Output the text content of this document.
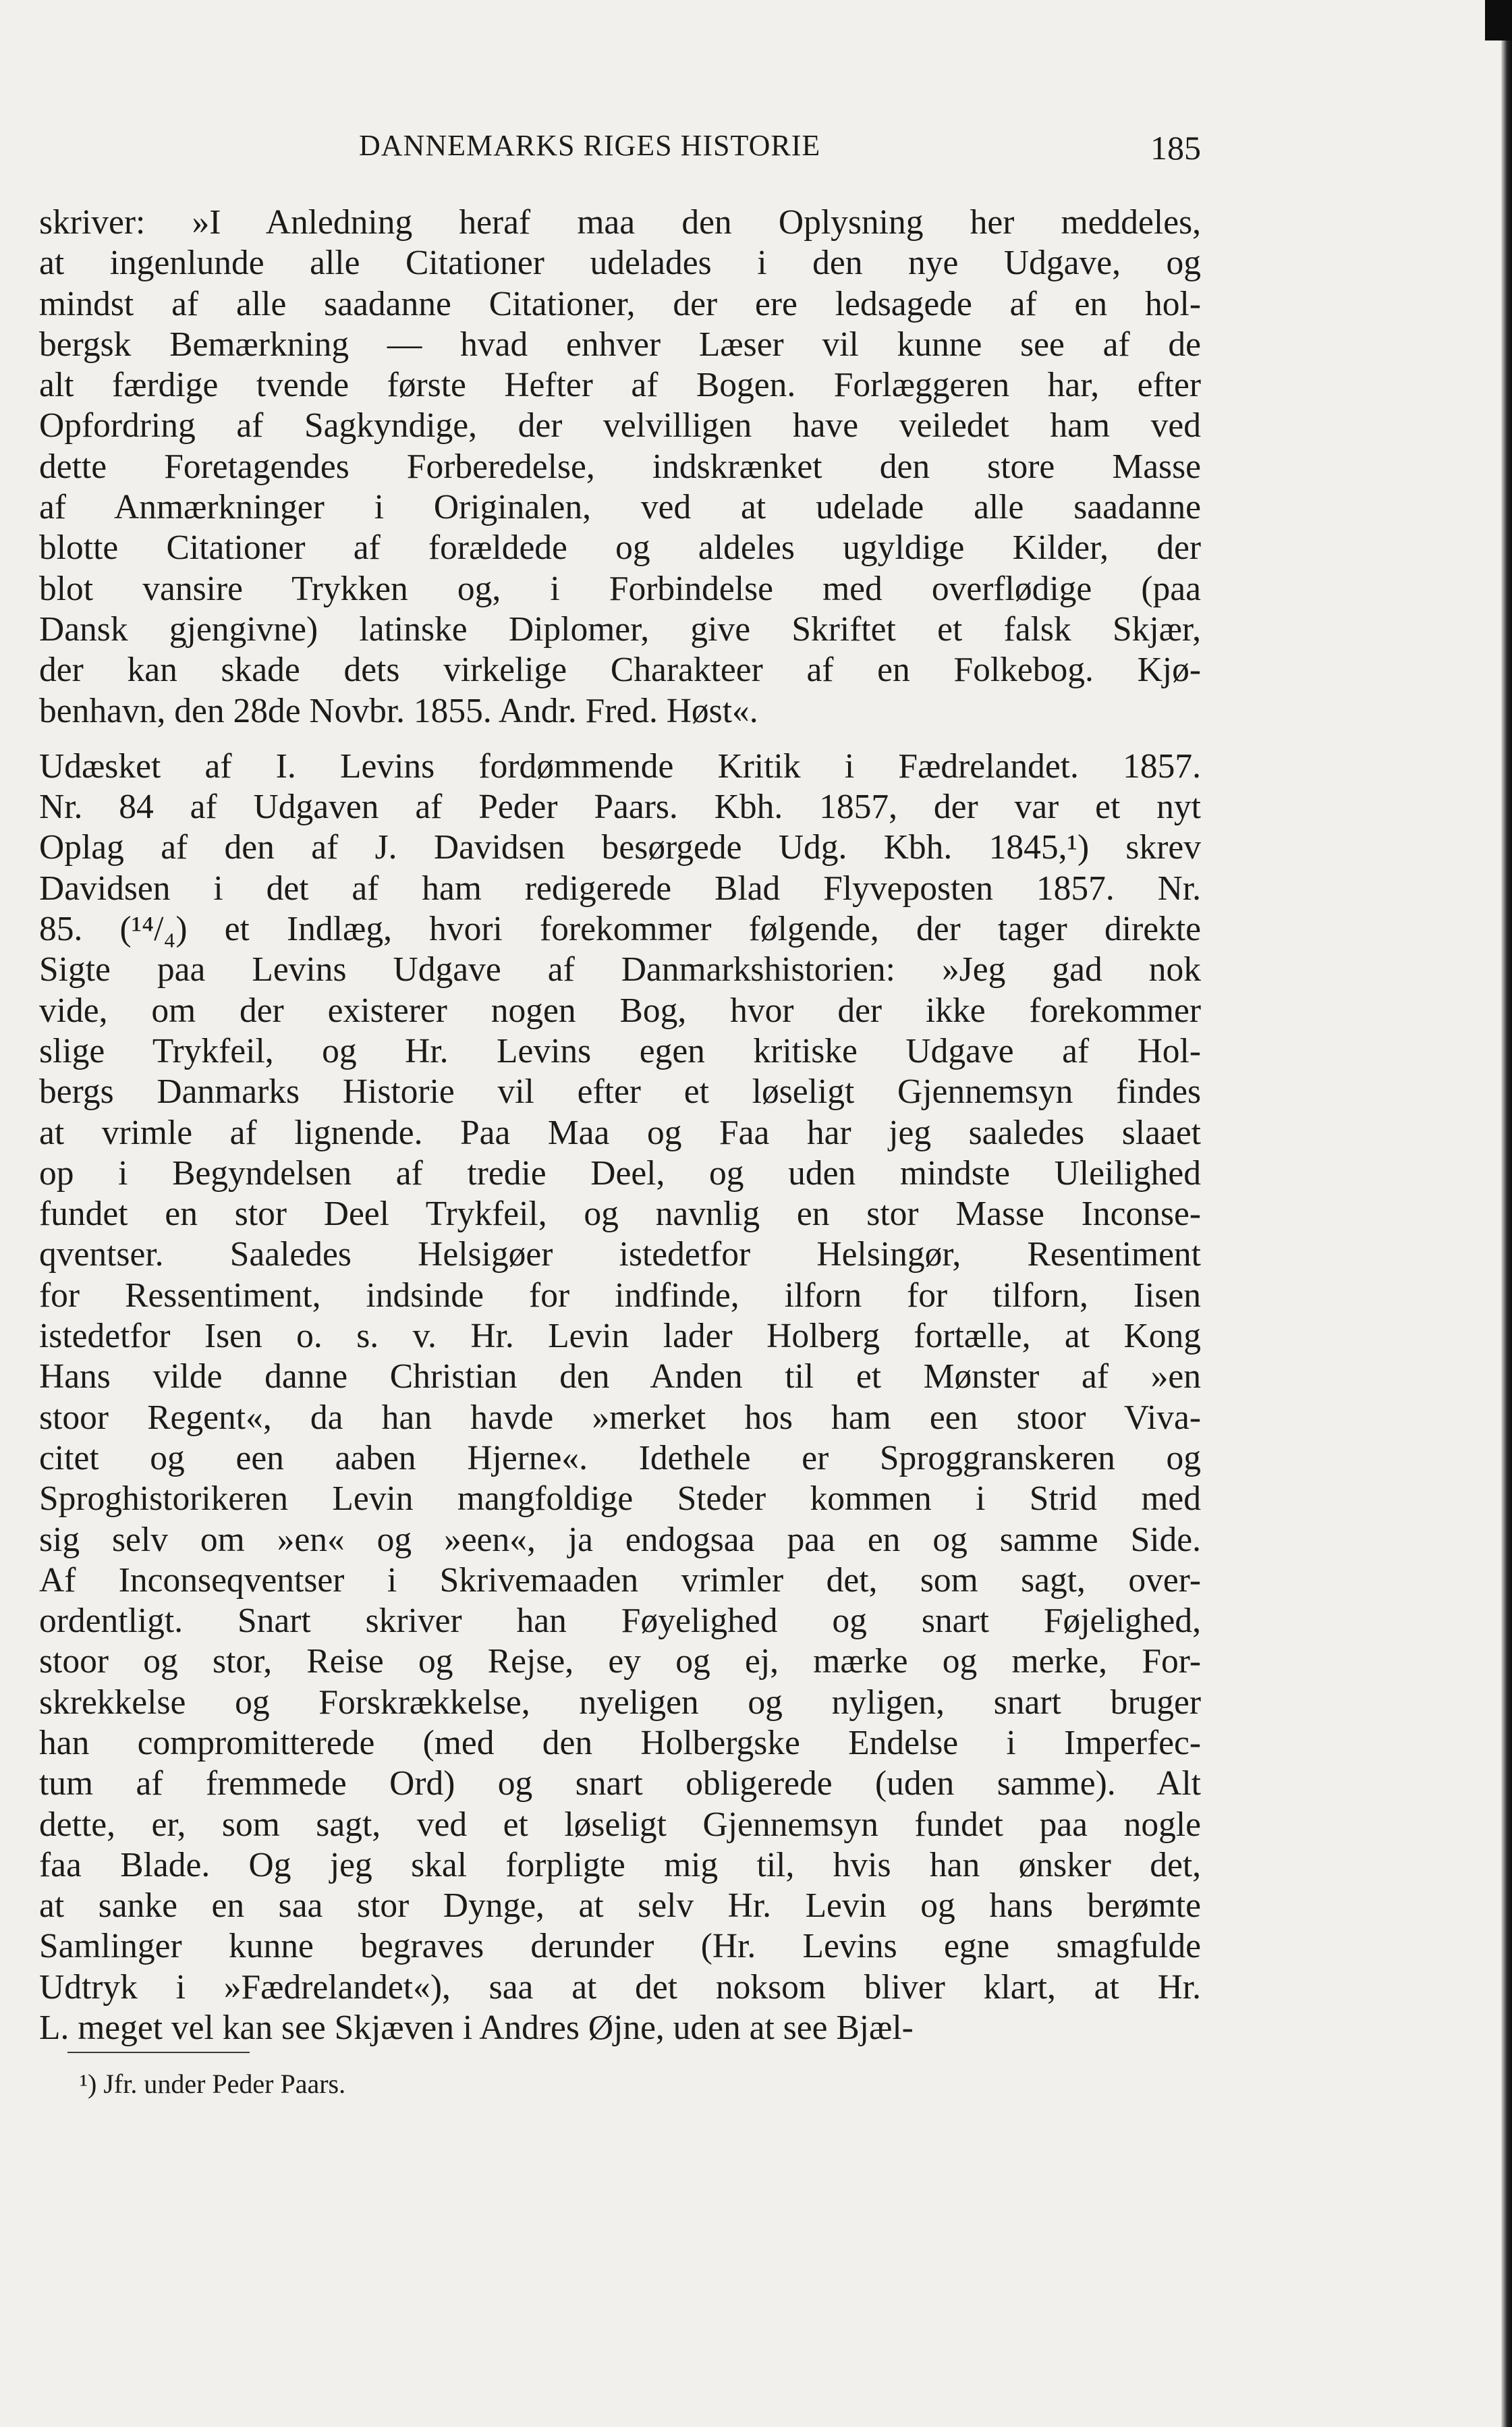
DANNEMARKS RIGES HISTORIE	185
skriver: »I Anledning heraf maa den Oplysning her meddeles,
at ingenlunde alle Citationer udelades i den nye Udgave, og
mindst af alle saadanne Citationer, der ere ledsagede af en hol-
bergsk Bemærkning — hvad enhver Læser vil kunne see af de
alt færdige tvende første Hefter af Bogen. Forlæggeren har, efter
Opfordring af Sagkyndige, der velvilligen have veiledet ham ved
dette Foretagendes Forberedelse, indskrænket den store Masse
af Anmærkninger i Originalen, ved at udelade alle saadanne
blotte Citationer af forældede og aldeles ugyldige Kilder, der
blot vansire Trykken og, i Forbindelse med overflødige (paa
Dansk gjengivne) latinske Diplomer, give Skriftet et falsk Skjær,
der kan skade dets virkelige Charakteer af en Folkebog. Kjø-
benhavn, den 28de Novbr. 1855. Andr. Fred. Høst«.
Udæsket af I. Levins fordømmende Kritik i Fædrelandet. 1857.
Nr. 84 af Udgaven af Peder Paars. Kbh. 1857, der var et nyt
Oplag af den af J. Davidsen besørgede Udg. Kbh. 1845,¹) skrev
Davidsen i det af ham redigerede Blad Flyveposten 1857. Nr.
85. (¹⁴/₄) et Indlæg, hvori forekommer følgende, der tager direkte
Sigte paa Levins Udgave af Danmarkshistorien: »Jeg gad nok
vide, om der existerer nogen Bog, hvor der ikke forekommer
slige Trykfeil, og Hr. Levins egen kritiske Udgave af Hol-
bergs Danmarks Historie vil efter et løseligt Gjennemsyn findes
at vrimle af lignende. Paa Maa og Faa har jeg saaledes slaaet
op i Begyndelsen af tredie Deel, og uden mindste Uleilighed
fundet en stor Deel Trykfeil, og navnlig en stor Masse Inconse-
qventser. Saaledes Helsigøer istedetfor Helsingør, Resentiment
for Ressentiment, indsinde for indfinde, ilforn for tilforn, Iisen
istedetfor Isen o. s. v. Hr. Levin lader Holberg fortælle, at Kong
Hans vilde danne Christian den Anden til et Mønster af »en
stoor Regent«, da han havde »merket hos ham een stoor Viva-
citet og een aaben Hjerne«. Idethele er Sproggranskeren og
Sproghistorikeren Levin mangfoldige Steder kommen i Strid med
sig selv om »en« og »een«, ja endogsaa paa en og samme Side.
Af Inconseqventser i Skrivemaaden vrimler det, som sagt, over-
ordentligt. Snart skriver han Føyelighed og snart Føjelighed,
stoor og stor, Reise og Rejse, ey og ej, mærke og merke, For-
skrekkelse og Forskrækkelse, nyeligen og nyligen, snart bruger
han compromitterede (med den Holbergske Endelse i Imperfec-
tum af fremmede Ord) og snart obligerede (uden samme). Alt
dette, er, som sagt, ved et løseligt Gjennemsyn fundet paa nogle
faa Blade. Og jeg skal forpligte mig til, hvis han ønsker det,
at sanke en saa stor Dynge, at selv Hr. Levin og hans berømte
Samlinger kunne begraves derunder (Hr. Levins egne smagfulde
Udtryk i »Fædrelandet«), saa at det noksom bliver klart, at Hr.
L. meget vel kan see Skjæven i Andres Øjne, uden at see Bjæl-
¹) Jfr. under Peder Paars.
